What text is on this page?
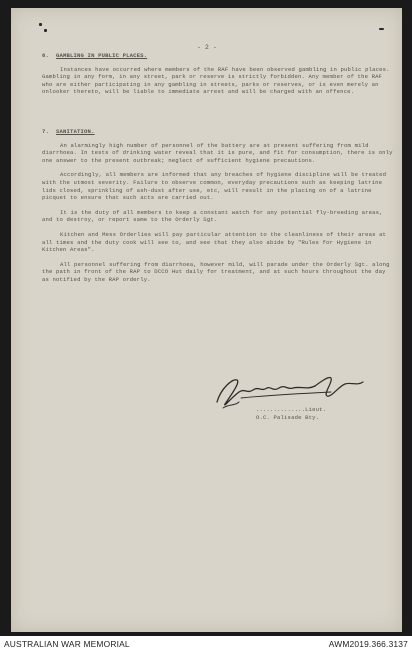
- 2 -
6. GAMBLING IN PUBLIC PLACES.

Instances have occurred where members of the RAF have been observed gambling in public places. Gambling in any form, in any street, park or reserve is strictly forbidden. Any member of the RAF who are either participating in any gambling in streets, parks or reserves, or is even merely an onlooker thereto, will be liable to immediate arrest and will be charged with an offence.

7. SANITATION.

An alarmingly high number of personnel of the battery are at present suffering from mild diarrhoea. In tests of drinking water reveal that it is pure, and fit for consumption, there is only one answer to the present outbreak; neglect of sufficient hygiene precautions.

Accordingly, all members are informed that any breaches of hygiene discipline will be treated with the utmost severity. Failure to observe common, everyday precautions such as keeping latrine lids closed, sprinkling of ash-dust after use, etc, will result in the placing on of a latrine picquet to ensure that such acts are carried out.

It is the duty of all members to keep a constant watch for any potential fly-breeding areas, and to destroy, or report same to the Orderly Sgt.

Kitchen and Mess Orderlies will pay particular attention to the cleanliness of their areas at all times and the duty cook will see to, and see that they also abide by "Rules for Hygiene in Kitchen Areas".

All personnel suffering from diarrhoea, however mild, will parade under the Orderly Sgt. along the path in front of the RAP to DCCO Hut daily for treatment, and at such hours throughout the day as notified by the RAP orderly.

..............Lieut.
O.C. Palisade Bty.
AUSTRALIAN WAR MEMORIAL	AWM2019.366.3137
